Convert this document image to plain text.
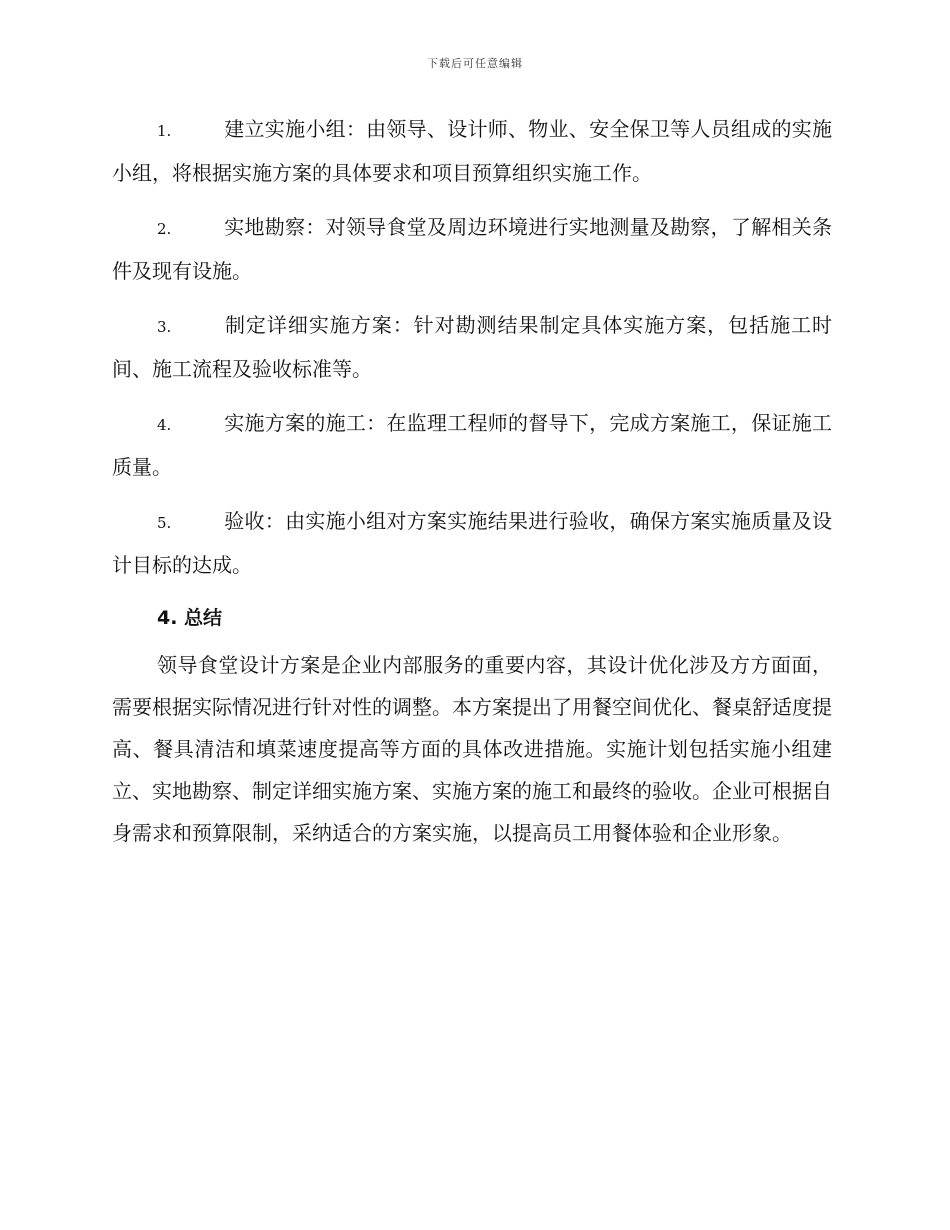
下载后可任意编辑
1.	建立实施小组：由领导、设计师、物业、安全保卫等人员组成的实施小组，将根据实施方案的具体要求和项目预算组织实施工作。
2.	实地勘察：对领导食堂及周边环境进行实地测量及勘察，了解相关条件及现有设施。
3.	制定详细实施方案：针对勘测结果制定具体实施方案，包括施工时间、施工流程及验收标准等。
4.	实施方案的施工：在监理工程师的督导下，完成方案施工，保证施工质量。
5.	验收：由实施小组对方案实施结果进行验收，确保方案实施质量及设计目标的达成。
4. 总结
领导食堂设计方案是企业内部服务的重要内容，其设计优化涉及方方面面，需要根据实际情况进行针对性的调整。本方案提出了用餐空间优化、餐桌舒适度提高、餐具清洁和填菜速度提高等方面的具体改进措施。实施计划包括实施小组建立、实地勘察、制定详细实施方案、实施方案的施工和最终的验收。企业可根据自身需求和预算限制，采纳适合的方案实施，以提高员工用餐体验和企业形象。
